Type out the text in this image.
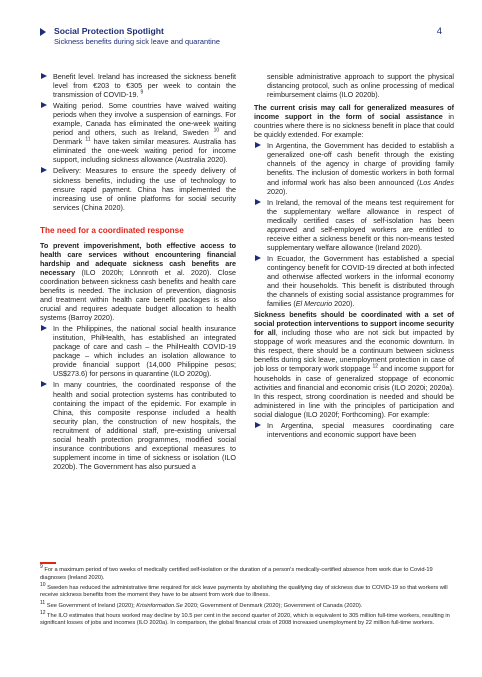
Social Protection Spotlight
Sickness benefits during sick leave and quarantine
4
Benefit level. Ireland has increased the sickness benefit level from €203 to €305 per week to contain the transmission of COVID-19. $^9$
Waiting period. Some countries have waived waiting periods when they involve a suspension of earnings. For example, Canada has eliminated the one-week waiting period and others, such as Ireland, Sweden $^{10}$ and Denmark $^{11}$ have taken similar measures. Australia has eliminated the one-week waiting period for income support, including sickness allowance (Australia 2020).
Delivery: Measures to ensure the speedy delivery of sickness benefits, including the use of technology to ensure rapid payment. China has implemented the increasing use of online platforms for social security services (China 2020).
The need for a coordinated response

To prevent impoverishment, both effective access to health care services without encountering financial hardship and adequate sickness cash benefits are necessary (ILO 2020h; Lönnroth et al. 2020). Close coordination between sickness cash benefits and health care benefits is needed. The inclusion of prevention, diagnosis and treatment within health care benefit packages is also crucial and requires adequate budget allocation to health systems (Barroy 2020).

In the Philippines, the national social health insurance institution, PhilHealth, has established an integrated package of care and cash – the PhilHealth COVID-19 package – which includes an isolation allowance to provide financial support (14,000 Philippine pesos; US$273.6) for persons in quarantine (ILO 2020g).
In many countries, the coordinated response of the health and social protection systems has contributed to containing the impact of the epidemic. For example in China, this composite response included a health security plan, the construction of new hospitals, the recruitment of additional staff, pre-existing universal social health protection programmes, modified social insurance contributions and exceptional measures to supplement income in time of sickness or isolation (ILO 2020b). The Government has also pursued a

sensible administrative approach to support the physical distancing protocol, such as online processing of medical reimbursement claims (ILO 2020b).

The current crisis may call for generalized measures of income support in the form of social assistance in countries where there is no sickness benefit in place that could be quickly extended. For example:

In Argentina, the Government has decided to establish a generalized one-off cash benefit through the existing channels of the agency in charge of providing family benefits. The inclusion of domestic workers in both formal and informal work has also been announced (Los Andes 2020).
In Ireland, the removal of the means test requirement for the supplementary welfare allowance in respect of medically certified cases of self-isolation has been approved and self-employed workers are entitled to receive either a sickness benefit or this non-means tested supplementary welfare allowance (Ireland 2020).
In Ecuador, the Government has established a special contingency benefit for COVID-19 directed at both infected and otherwise affected workers in the informal economy and their households. This benefit is distributed through the channels of existing social assistance programmes for families (El Mercurio 2020).

Sickness benefits should be coordinated with a set of social protection interventions to support income security for all, including those who are not sick but impacted by stoppage of work measures and the economic downturn. In this respect, there should be a continuum between sickness benefits during sick leave, unemployment protection in case of job loss or temporary work stoppage $^{12}$ and income support for households in case of generalized stoppage of economic activities and financial and economic crisis (ILO 2020i; 2020a). In this respect, strong coordination is needed and should be administered in line with the principles of participation and social dialogue (ILO 2020f; Forthcoming). For example:

In Argentina, special measures coordinating care interventions and economic support have been

$^9$ For a maximum period of two weeks of medically certified self-isolation or the duration of a person's medically-certified absence from work due to Covid-19 diagnoses (Ireland 2020).

$^{10}$ Sweden has reduced the administrative time required for sick leave payments by abolishing the qualifying day of sickness due to COVID-19 so that workers will receive sickness benefits from the moment they have to be absent from work due to illness.

$^{11}$ See Government of Ireland (2020); Krisinformation.Se 2020; Government of Denmark (2020); Government of Canada (2020).

$^{12}$ The ILO estimates that hours worked may decline by 10.5 per cent in the second quarter of 2020, which is equivalent to 305 million full-time workers, resulting in significant losses of jobs and incomes (ILO 2020a). In comparison, the global financial crisis of 2008 increased unemployment by 22 million full-time workers.
